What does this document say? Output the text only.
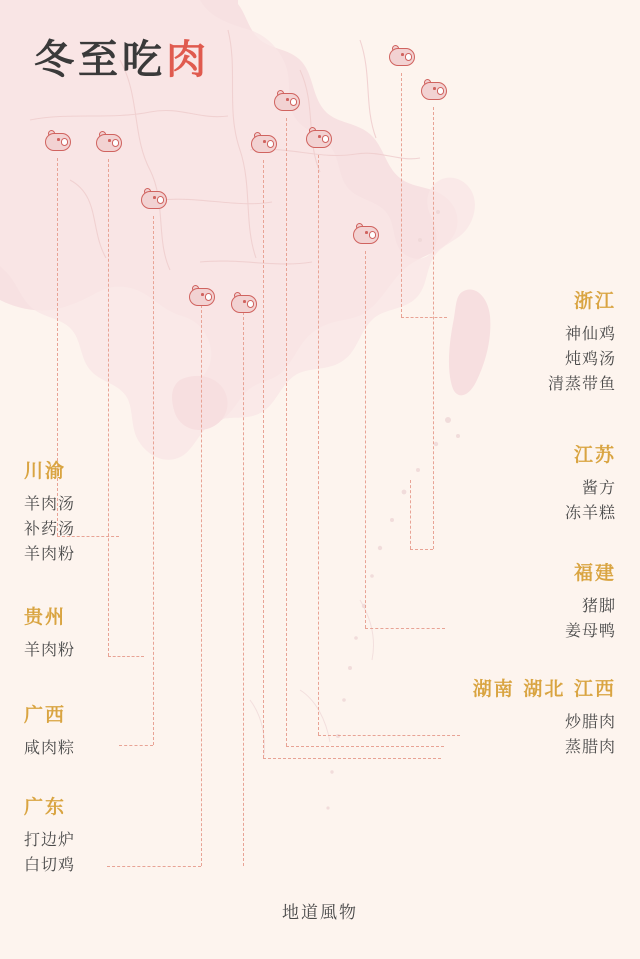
冬至吃肉
川渝
羊肉汤
补药汤
羊肉粉
贵州
羊肉粉
广西
咸肉粽
广东
打边炉
白切鸡
浙江
神仙鸡
炖鸡汤
清蒸带鱼
江苏
酱方
冻羊糕
福建
猪脚
姜母鸭
湖南 湖北 江西
炒腊肉
蒸腊肉
地道風物
